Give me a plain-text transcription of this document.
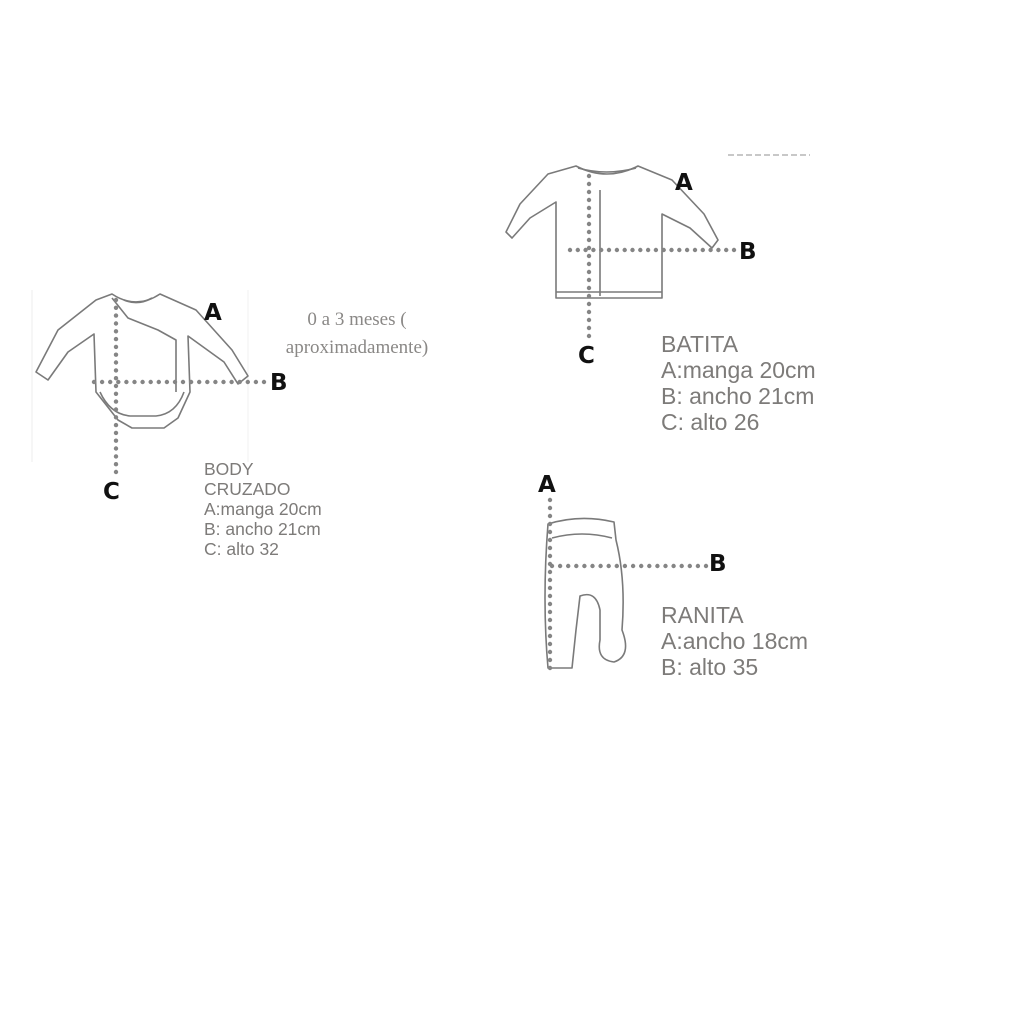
A
B
C
A
B
C
A
B
0 a 3 meses (
aproximadamente)
BODY
CRUZADO
A:manga 20cm
B: ancho 21cm
C: alto 32
BATITA
A:manga 20cm
B: ancho 21cm
C: alto 26
RANITA
A:ancho 18cm
B: alto 35
